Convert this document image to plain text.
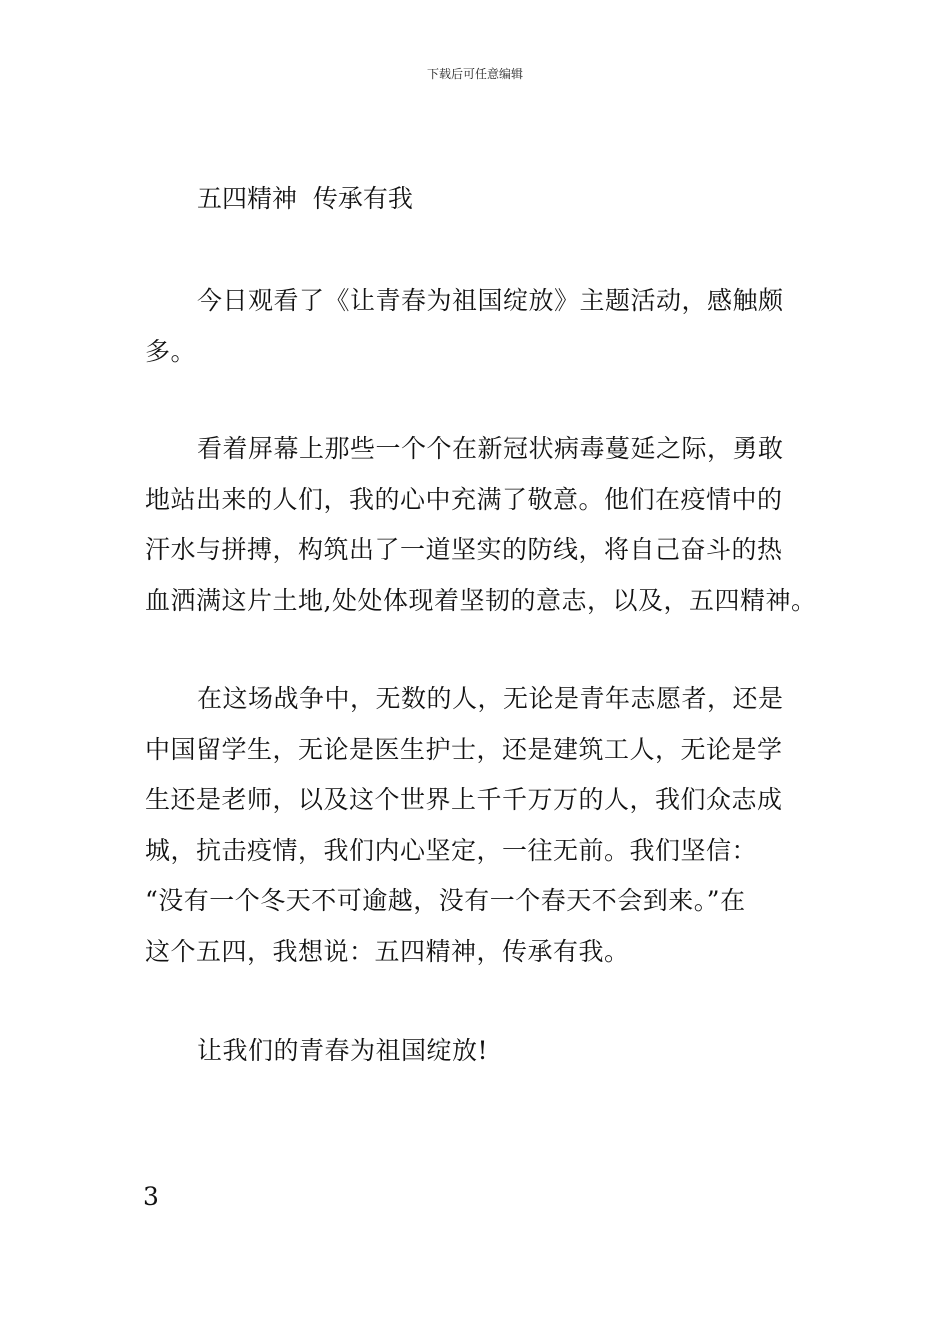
下载后可任意编辑
五四精神  传承有我
今日观看了《让青春为祖国绽放》主题活动，感触颇
多。
看着屏幕上那些一个个在新冠状病毒蔓延之际，勇敢
地站出来的人们，我的心中充满了敬意。他们在疫情中的
汗水与拼搏，构筑出了一道坚实的防线，将自己奋斗的热
血洒满这片土地,处处体现着坚韧的意志，以及，五四精神。
在这场战争中，无数的人，无论是青年志愿者，还是
中国留学生，无论是医生护士，还是建筑工人，无论是学
生还是老师，以及这个世界上千千万万的人，我们众志成
城，抗击疫情，我们内心坚定，一往无前。我们坚信：
“没有一个冬天不可逾越，没有一个春天不会到来。”在
这个五四，我想说：五四精神，传承有我。
让我们的青春为祖国绽放!
3
